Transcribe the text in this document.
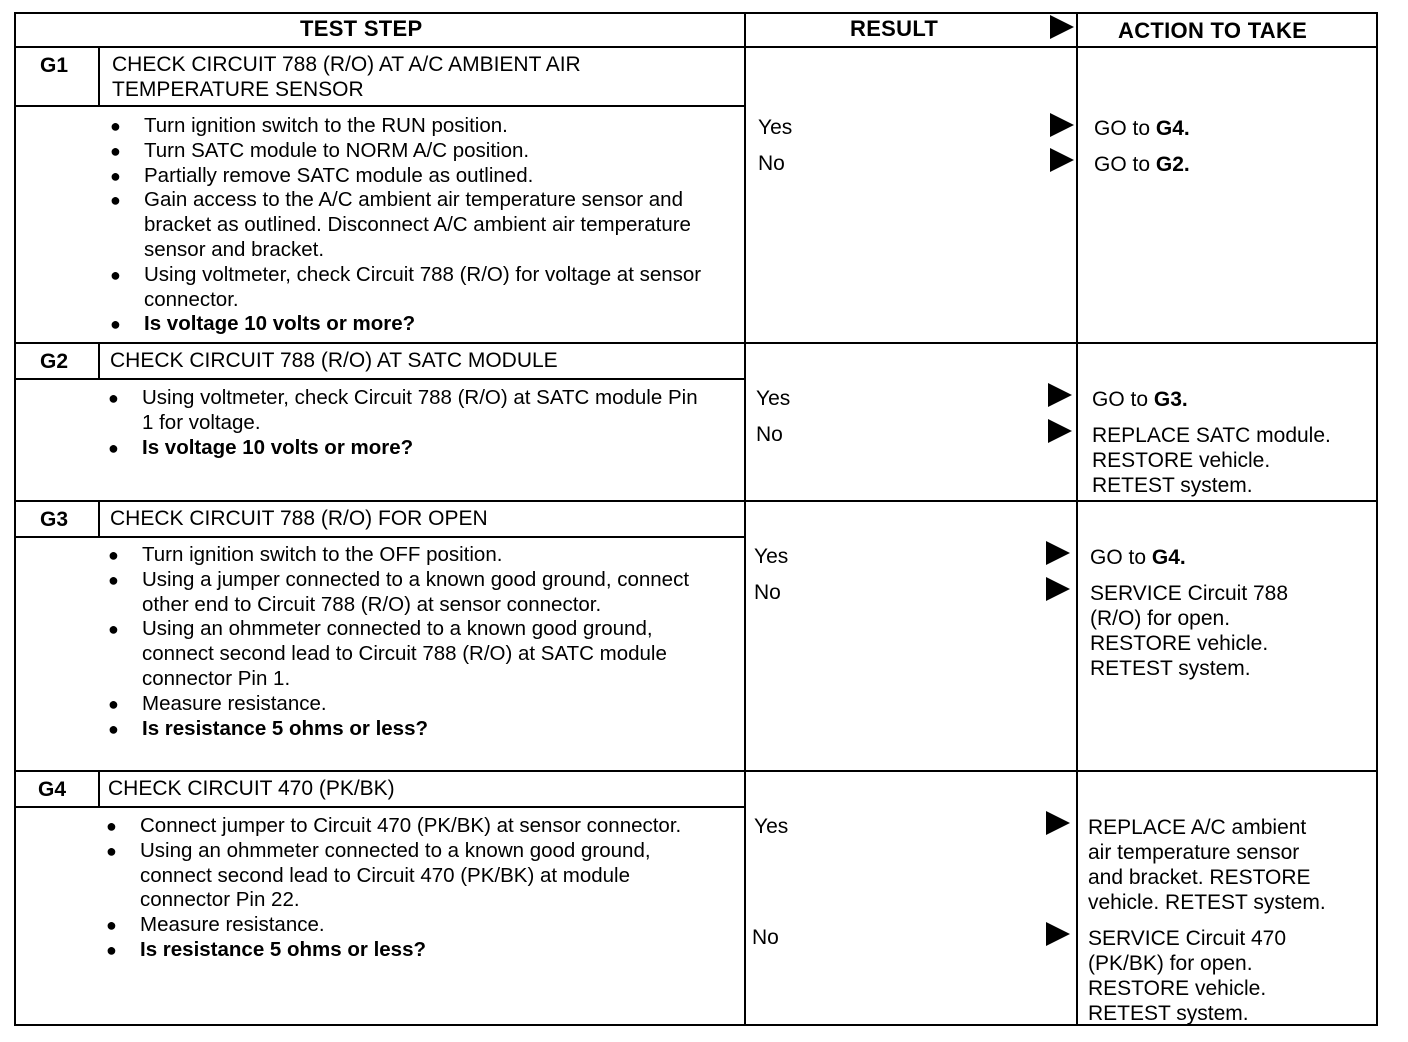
TEST STEP	RESULT	ACTION TO TAKE
G1 CHECK CIRCUIT 788 (R/O) AT A/C AMBIENT AIR
TEMPERATURE SENSOR
● Turn ignition switch to the RUN position.
● Turn SATC module to NORM A/C position.
● Partially remove SATC module as outlined.
● Gain access to the A/C ambient air temperature sensor and bracket as outlined. Disconnect A/C ambient air temperature sensor and bracket.
● Using voltmeter, check Circuit 788 (R/O) for voltage at sensor connector.
● Is voltage 10 volts or more?
Yes	GO to G4.
No	GO to G2.
G2 CHECK CIRCUIT 788 (R/O) AT SATC MODULE
● Using voltmeter, check Circuit 788 (R/O) at SATC module Pin 1 for voltage.
● Is voltage 10 volts or more?
Yes	GO to G3.
No	REPLACE SATC module.
RESTORE vehicle.
RETEST system.
G3 CHECK CIRCUIT 788 (R/O) FOR OPEN
● Turn ignition switch to the OFF position.
● Using a jumper connected to a known good ground, connect other end to Circuit 788 (R/O) at sensor connector.
● Using an ohmmeter connected to a known good ground, connect second lead to Circuit 788 (R/O) at SATC module connector Pin 1.
● Measure resistance.
● Is resistance 5 ohms or less?
Yes	GO to G4.
No	SERVICE Circuit 788
(R/O) for open.
RESTORE vehicle.
RETEST system.
G4 CHECK CIRCUIT 470 (PK/BK)
● Connect jumper to Circuit 470 (PK/BK) at sensor connector.
● Using an ohmmeter connected to a known good ground, connect second lead to Circuit 470 (PK/BK) at module connector Pin 22.
● Measure resistance.
● Is resistance 5 ohms or less?
Yes	REPLACE A/C ambient
air temperature sensor
and bracket. RESTORE
vehicle. RETEST system.
No	SERVICE Circuit 470
(PK/BK) for open.
RESTORE vehicle.
RETEST system.
